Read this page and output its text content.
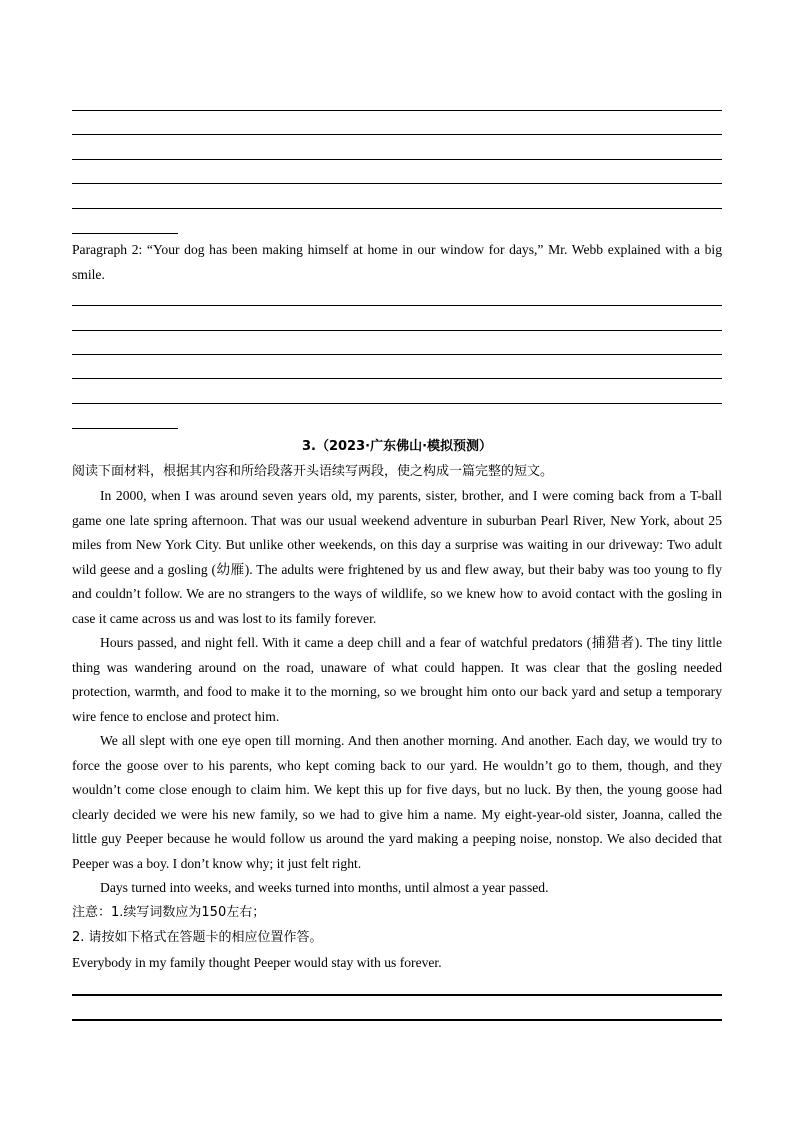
Paragraph 2: “Your dog has been making himself at home in our window for days,” Mr. Webb explained with a big smile.
3.（2023·广东佛山·模拟预测）
阅读下面材料，根据其内容和所给段落开头语续写两段，使之构成一篇完整的短文。
In 2000, when I was around seven years old, my parents, sister, brother, and I were coming back from a T-ball game one late spring afternoon. That was our usual weekend adventure in suburban Pearl River, New York, about 25 miles from New York City. But unlike other weekends, on this day a surprise was waiting in our driveway: Two adult wild geese and a gosling (幼雁). The adults were frightened by us and flew away, but their baby was too young to fly and couldn’t follow. We are no strangers to the ways of wildlife, so we knew how to avoid contact with the gosling in case it came across us and was lost to its family forever.
Hours passed, and night fell. With it came a deep chill and a fear of watchful predators (捕猎者). The tiny little thing was wandering around on the road, unaware of what could happen. It was clear that the gosling needed protection, warmth, and food to make it to the morning, so we brought him onto our back yard and setup a temporary wire fence to enclose and protect him.
We all slept with one eye open till morning. And then another morning. And another. Each day, we would try to force the goose over to his parents, who kept coming back to our yard. He wouldn’t go to them, though, and they wouldn’t come close enough to claim him. We kept this up for five days, but no luck. By then, the young goose had clearly decided we were his new family, so we had to give him a name. My eight-year-old sister, Joanna, called the little guy Peeper because he would follow us around the yard making a peeping noise, nonstop. We also decided that Peeper was a boy. I don’t know why; it just felt right.
Days turned into weeks, and weeks turned into months, until almost a year passed.
注意：1.续写词数应为150左右；
2. 请按如下格式在答题卡的相应位置作答。
Everybody in my family thought Peeper would stay with us forever.
